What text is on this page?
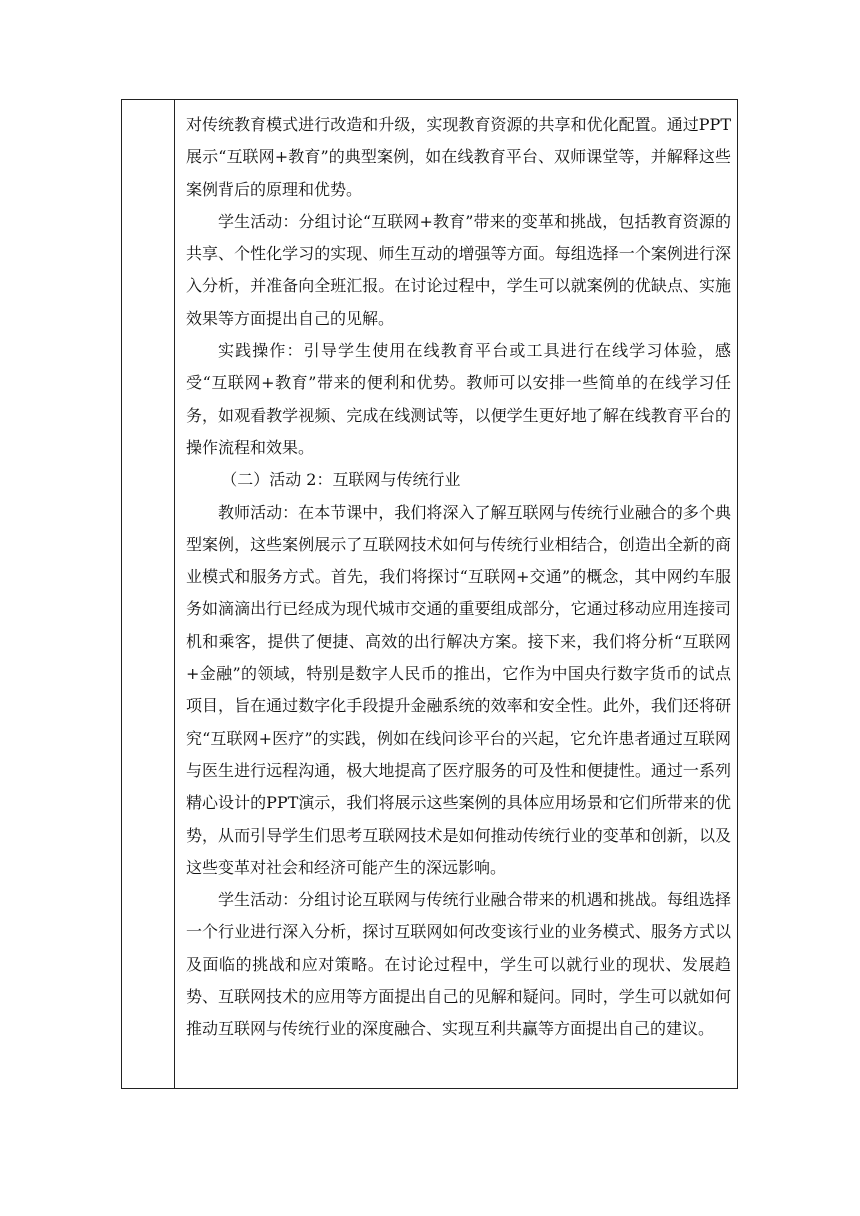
对传统教育模式进行改造和升级，实现教育资源的共享和优化配置。通过PPT展示“互联网+教育”的典型案例，如在线教育平台、双师课堂等，并解释这些案例背后的原理和优势。

学生活动：分组讨论“互联网+教育”带来的变革和挑战，包括教育资源的共享、个性化学习的实现、师生互动的增强等方面。每组选择一个案例进行深入分析，并准备向全班汇报。在讨论过程中，学生可以就案例的优缺点、实施效果等方面提出自己的见解。

实践操作：引导学生使用在线教育平台或工具进行在线学习体验，感受“互联网+教育”带来的便利和优势。教师可以安排一些简单的在线学习任务，如观看教学视频、完成在线测试等，以便学生更好地了解在线教育平台的操作流程和效果。

（二）活动 2：互联网与传统行业

教师活动：在本节课中，我们将深入了解互联网与传统行业融合的多个典型案例，这些案例展示了互联网技术如何与传统行业相结合，创造出全新的商业模式和服务方式。首先，我们将探讨“互联网+交通”的概念，其中网约车服务如滴滴出行已经成为现代城市交通的重要组成部分，它通过移动应用连接司机和乘客，提供了便捷、高效的出行解决方案。接下来，我们将分析“互联网+金融”的领域，特别是数字人民币的推出，它作为中国央行数字货币的试点项目，旨在通过数字化手段提升金融系统的效率和安全性。此外，我们还将研究“互联网+医疗”的实践，例如在线问诊平台的兴起，它允许患者通过互联网与医生进行远程沟通，极大地提高了医疗服务的可及性和便捷性。通过一系列精心设计的PPT演示，我们将展示这些案例的具体应用场景和它们所带来的优势，从而引导学生们思考互联网技术是如何推动传统行业的变革和创新，以及这些变革对社会和经济可能产生的深远影响。

学生活动：分组讨论互联网与传统行业融合带来的机遇和挑战。每组选择一个行业进行深入分析，探讨互联网如何改变该行业的业务模式、服务方式以及面临的挑战和应对策略。在讨论过程中，学生可以就行业的现状、发展趋势、互联网技术的应用等方面提出自己的见解和疑问。同时，学生可以就如何推动互联网与传统行业的深度融合、实现互利共赢等方面提出自己的建议。
